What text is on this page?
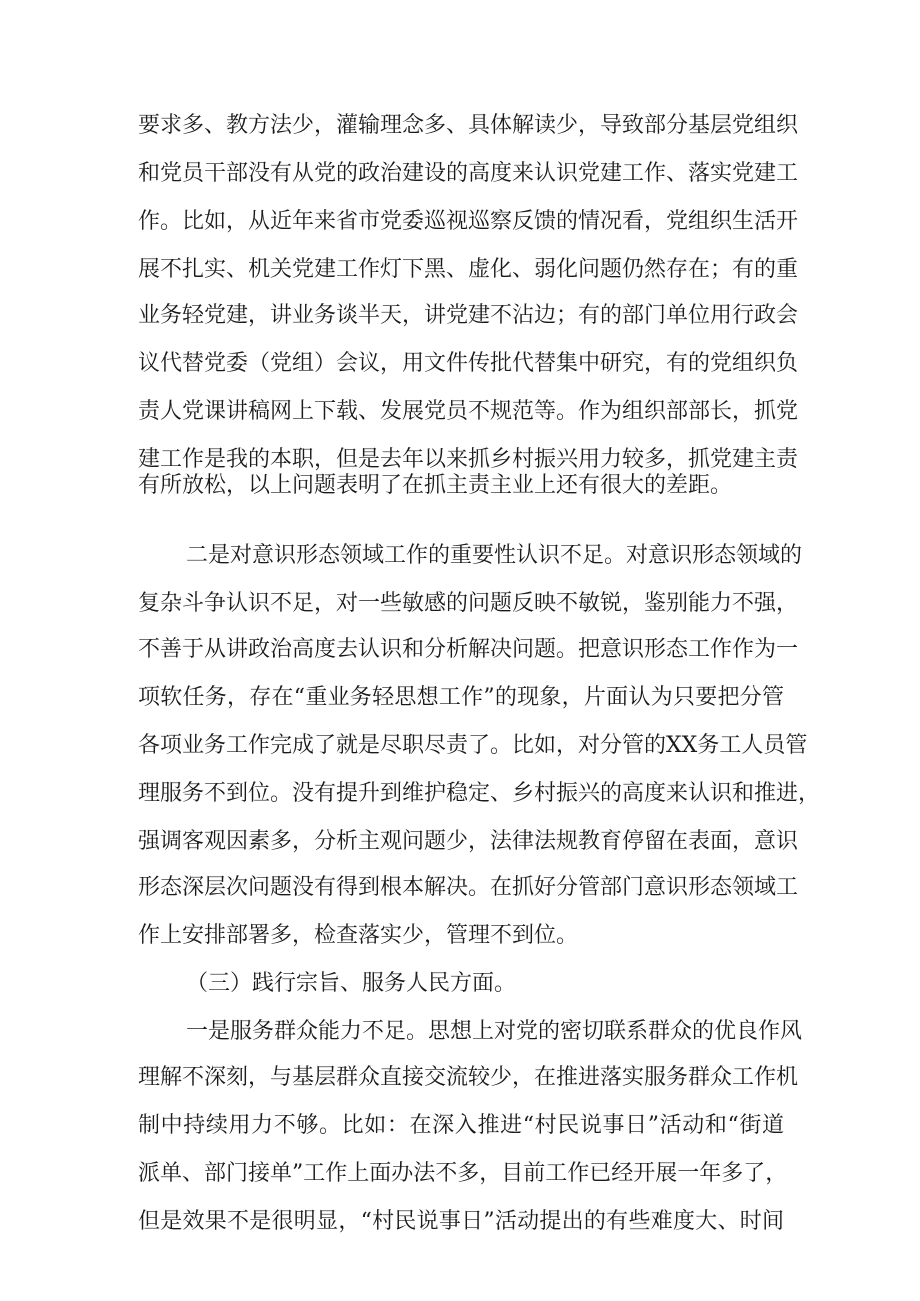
要求多、教方法少，灌输理念多、具体解读少，导致部分基层党组织
和党员干部没有从党的政治建设的高度来认识党建工作、落实党建工
作。比如，从近年来省市党委巡视巡察反馈的情况看，党组织生活开
展不扎实、机关党建工作灯下黑、虚化、弱化问题仍然存在；有的重
业务轻党建，讲业务谈半天，讲党建不沾边；有的部门单位用行政会
议代替党委（党组）会议，用文件传批代替集中研究，有的党组织负
责人党课讲稿网上下载、发展党员不规范等。作为组织部部长，抓党
建工作是我的本职，但是去年以来抓乡村振兴用力较多，抓党建主责
有所放松，以上问题表明了在抓主责主业上还有很大的差距。
二是对意识形态领域工作的重要性认识不足。对意识形态领域的
复杂斗争认识不足，对一些敏感的问题反映不敏锐，鉴别能力不强，
不善于从讲政治高度去认识和分析解决问题。把意识形态工作作为一
项软任务，存在“重业务轻思想工作”的现象，片面认为只要把分管
各项业务工作完成了就是尽职尽责了。比如，对分管的XX务工人员管
理服务不到位。没有提升到维护稳定、乡村振兴的高度来认识和推进，
强调客观因素多，分析主观问题少，法律法规教育停留在表面，意识
形态深层次问题没有得到根本解决。在抓好分管部门意识形态领域工
作上安排部署多，检查落实少，管理不到位。
（三）践行宗旨、服务人民方面。
一是服务群众能力不足。思想上对党的密切联系群众的优良作风
理解不深刻，与基层群众直接交流较少，在推进落实服务群众工作机
制中持续用力不够。比如：在深入推进“村民说事日”活动和“街道
派单、部门接单”工作上面办法不多，目前工作已经开展一年多了，
但是效果不是很明显，“村民说事日”活动提出的有些难度大、时间
